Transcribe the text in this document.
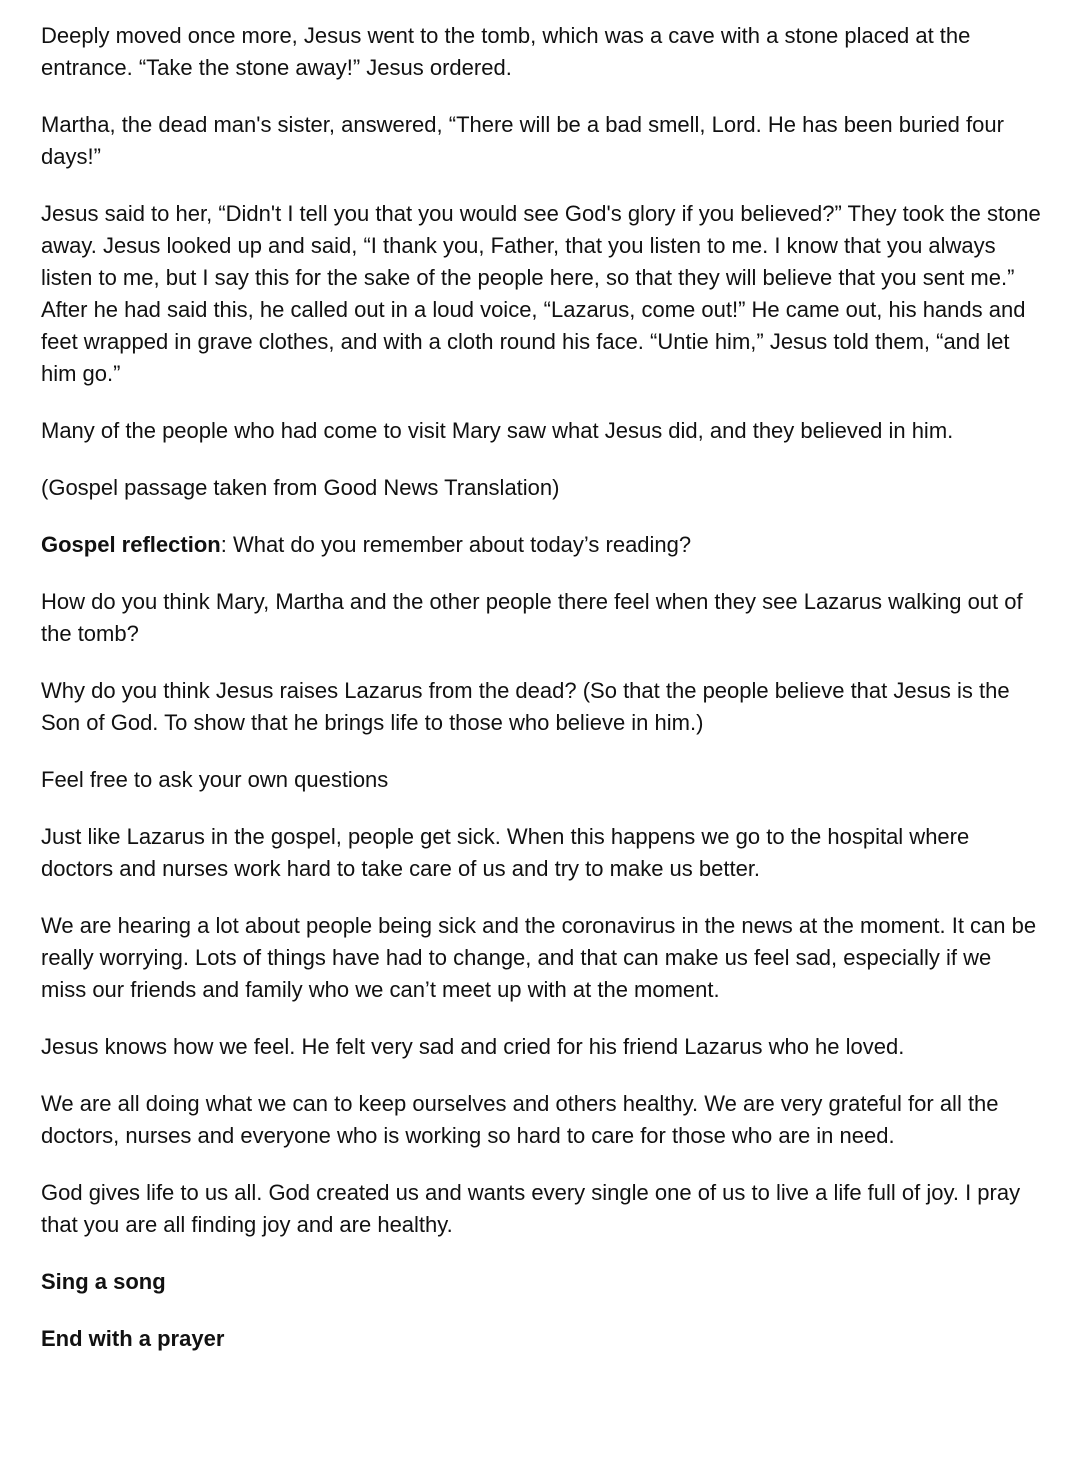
Deeply moved once more, Jesus went to the tomb, which was a cave with a stone placed at the entrance. “Take the stone away!” Jesus ordered.

Martha, the dead man's sister, answered, “There will be a bad smell, Lord. He has been buried four days!”

Jesus said to her, “Didn't I tell you that you would see God's glory if you believed?” They took the stone away. Jesus looked up and said, “I thank you, Father, that you listen to me. I know that you always listen to me, but I say this for the sake of the people here, so that they will believe that you sent me.” After he had said this, he called out in a loud voice, “Lazarus, come out!” He came out, his hands and feet wrapped in grave clothes, and with a cloth round his face. “Untie him,” Jesus told them, “and let him go.”

Many of the people who had come to visit Mary saw what Jesus did, and they believed in him.

(Gospel passage taken from Good News Translation)

Gospel reflection: What do you remember about today’s reading?

How do you think Mary, Martha and the other people there feel when they see Lazarus walking out of the tomb?

Why do you think Jesus raises Lazarus from the dead? (So that the people believe that Jesus is the Son of God. To show that he brings life to those who believe in him.)

Feel free to ask your own questions

Just like Lazarus in the gospel, people get sick. When this happens we go to the hospital where doctors and nurses work hard to take care of us and try to make us better.

We are hearing a lot about people being sick and the coronavirus in the news at the moment. It can be really worrying. Lots of things have had to change, and that can make us feel sad, especially if we miss our friends and family who we can’t meet up with at the moment.

Jesus knows how we feel. He felt very sad and cried for his friend Lazarus who he loved.

We are all doing what we can to keep ourselves and others healthy. We are very grateful for all the doctors, nurses and everyone who is working so hard to care for those who are in need.

God gives life to us all. God created us and wants every single one of us to live a life full of joy. I pray that you are all finding joy and are healthy.

Sing a song

End with a prayer
